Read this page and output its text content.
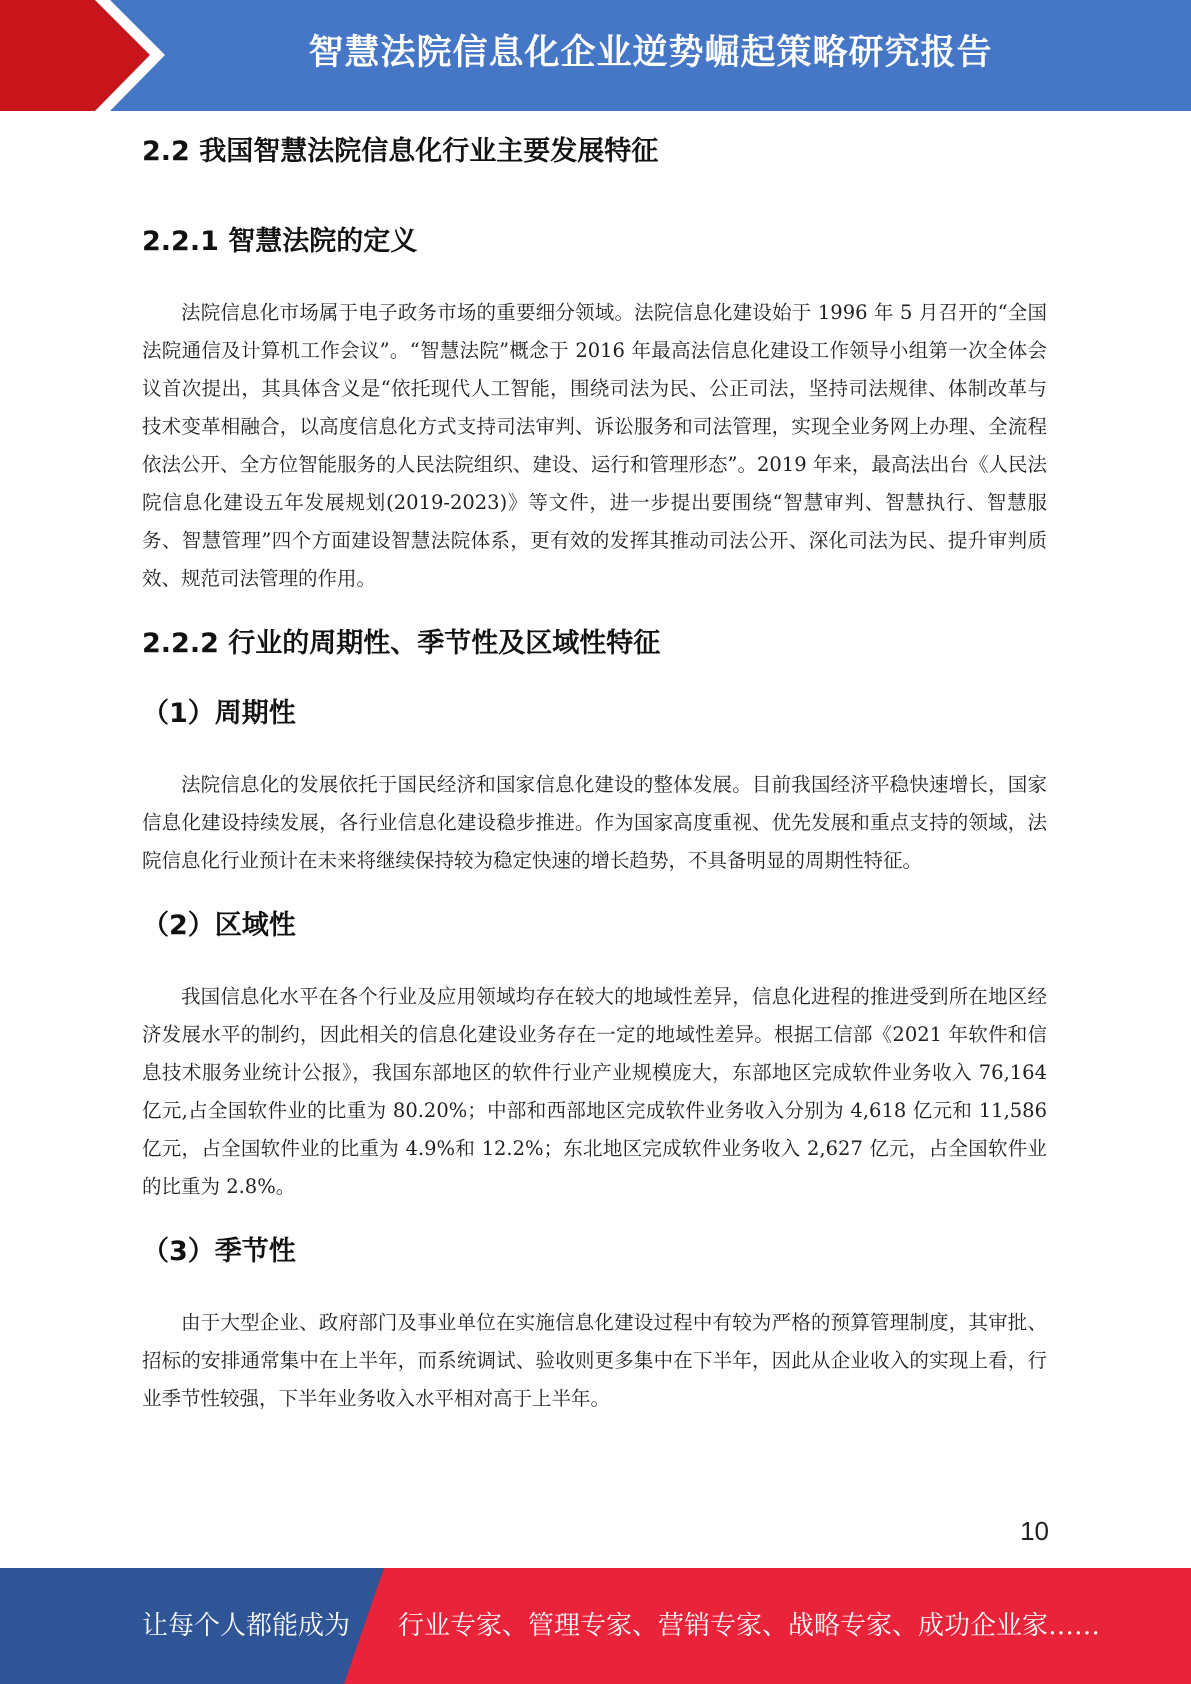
智慧法院信息化企业逆势崛起策略研究报告
2.2 我国智慧法院信息化行业主要发展特征
2.2.1 智慧法院的定义

法院信息化市场属于电子政务市场的重要细分领域。法院信息化建设始于 1996 年 5 月召开的“全国法院通信及计算机工作会议”。“智慧法院”概念于 2016 年最高法信息化建设工作领导小组第一次全体会议首次提出，其具体含义是“依托现代人工智能，围绕司法为民、公正司法，坚持司法规律、体制改革与技术变革相融合，以高度信息化方式支持司法审判、诉讼服务和司法管理，实现全业务网上办理、全流程依法公开、全方位智能服务的人民法院组织、建设、运行和管理形态”。2019 年来，最高法出台《人民法院信息化建设五年发展规划(2019-2023)》等文件，进一步提出要围绕“智慧审判、智慧执行、智慧服务、智慧管理”四个方面建设智慧法院体系，更有效的发挥其推动司法公开、深化司法为民、提升审判质效、规范司法管理的作用。

2.2.2 行业的周期性、季节性及区域性特征
（1）周期性

法院信息化的发展依托于国民经济和国家信息化建设的整体发展。目前我国经济平稳快速增长，国家信息化建设持续发展，各行业信息化建设稳步推进。作为国家高度重视、优先发展和重点支持的领域，法院信息化行业预计在未来将继续保持较为稳定快速的增长趋势，不具备明显的周期性特征。

（2）区域性

我国信息化水平在各个行业及应用领域均存在较大的地域性差异，信息化进程的推进受到所在地区经济发展水平的制约，因此相关的信息化建设业务存在一定的地域性差异。根据工信部《2021 年软件和信息技术服务业统计公报》，我国东部地区的软件行业产业规模庞大，东部地区完成软件业务收入 76,164 亿元,占全国软件业的比重为 80.20%；中部和西部地区完成软件业务收入分别为 4,618 亿元和 11,586 亿元，占全国软件业的比重为 4.9%和 12.2%；东北地区完成软件业务收入 2,627 亿元，占全国软件业的比重为 2.8%。

（3）季节性

由于大型企业、政府部门及事业单位在实施信息化建设过程中有较为严格的预算管理制度，其审批、招标的安排通常集中在上半年，而系统调试、验收则更多集中在下半年，因此从企业收入的实现上看，行业季节性较强，下半年业务收入水平相对高于上半年。

10
让每个人都能成为 行业专家、管理专家、营销专家、战略专家、成功企业家……
